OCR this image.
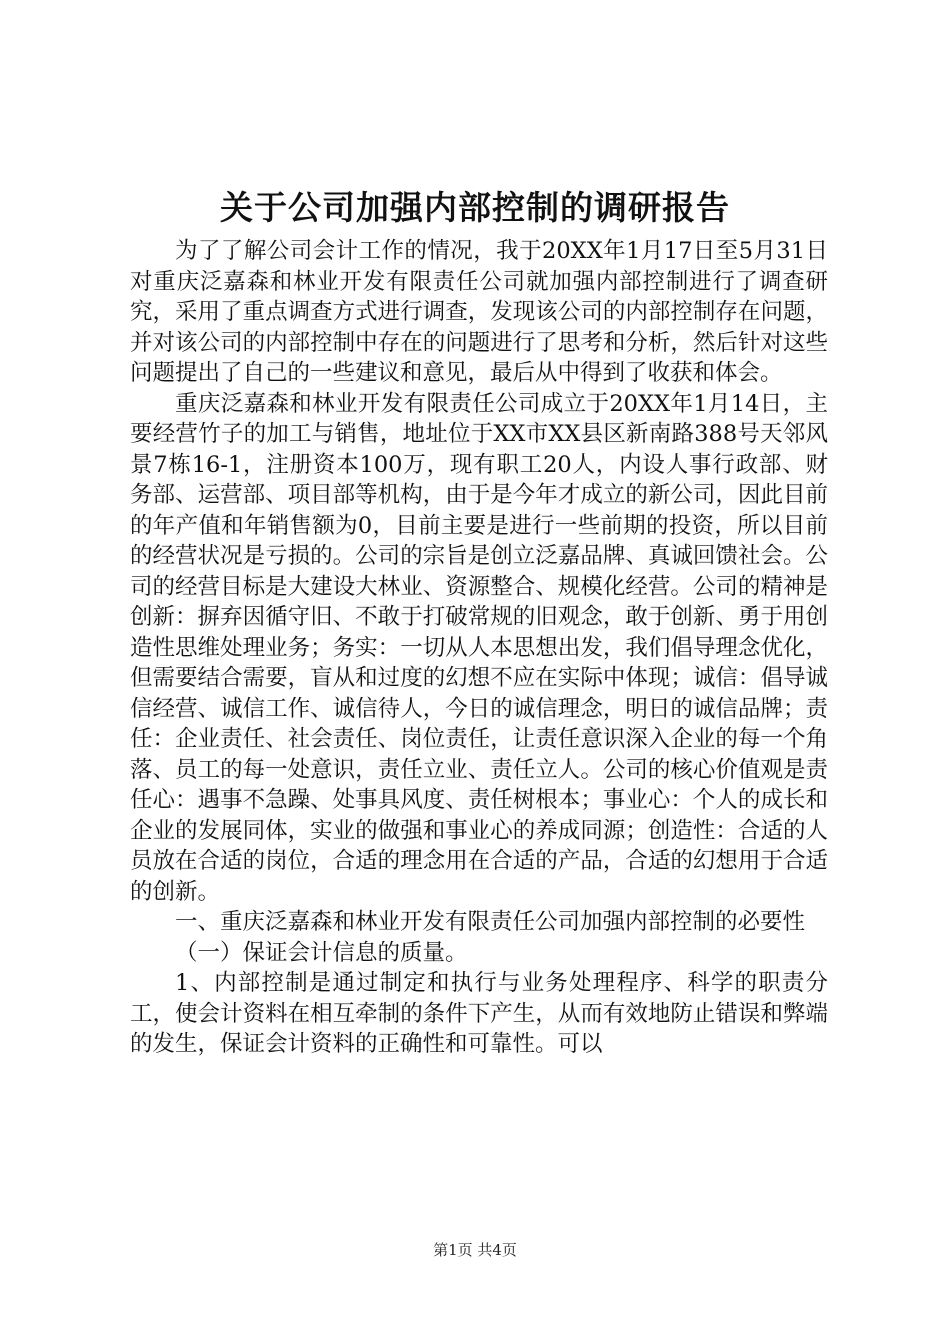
关于公司加强内部控制的调研报告

为了了解公司会计工作的情况，我于20XX年1月17日至5月31日对重庆泛嘉森和林业开发有限责任公司就加强内部控制进行了调查研究，采用了重点调查方式进行调查，发现该公司的内部控制存在问题，并对该公司的内部控制中存在的问题进行了思考和分析，然后针对这些问题提出了自己的一些建议和意见，最后从中得到了收获和体会。

重庆泛嘉森和林业开发有限责任公司成立于20XX年1月14日，主要经营竹子的加工与销售，地址位于XX市XX县区新南路388号天邻风景7栋16-1，注册资本100万，现有职工20人，内设人事行政部、财务部、运营部、项目部等机构，由于是今年才成立的新公司，因此目前的年产值和年销售额为0，目前主要是进行一些前期的投资，所以目前的经营状况是亏损的。公司的宗旨是创立泛嘉品牌、真诚回馈社会。公司的经营目标是大建设大林业、资源整合、规模化经营。公司的精神是创新：摒弃因循守旧、不敢于打破常规的旧观念，敢于创新、勇于用创造性思维处理业务；务实：一切从人本思想出发，我们倡导理念优化，但需要结合需要，盲从和过度的幻想不应在实际中体现；诚信：倡导诚信经营、诚信工作、诚信待人，今日的诚信理念，明日的诚信品牌；责任：企业责任、社会责任、岗位责任，让责任意识深入企业的每一个角落、员工的每一处意识，责任立业、责任立人。公司的核心价值观是责任心：遇事不急躁、处事具风度、责任树根本；事业心：个人的成长和企业的发展同体，实业的做强和事业心的养成同源；创造性：合适的人员放在合适的岗位，合适的理念用在合适的产品，合适的幻想用于合适的创新。

一、重庆泛嘉森和林业开发有限责任公司加强内部控制的必要性

（一）保证会计信息的质量。

1、内部控制是通过制定和执行与业务处理程序、科学的职责分工，使会计资料在相互牵制的条件下产生，从而有效地防止错误和弊端的发生，保证会计资料的正确性和可靠性。可以

第1页 共4页
